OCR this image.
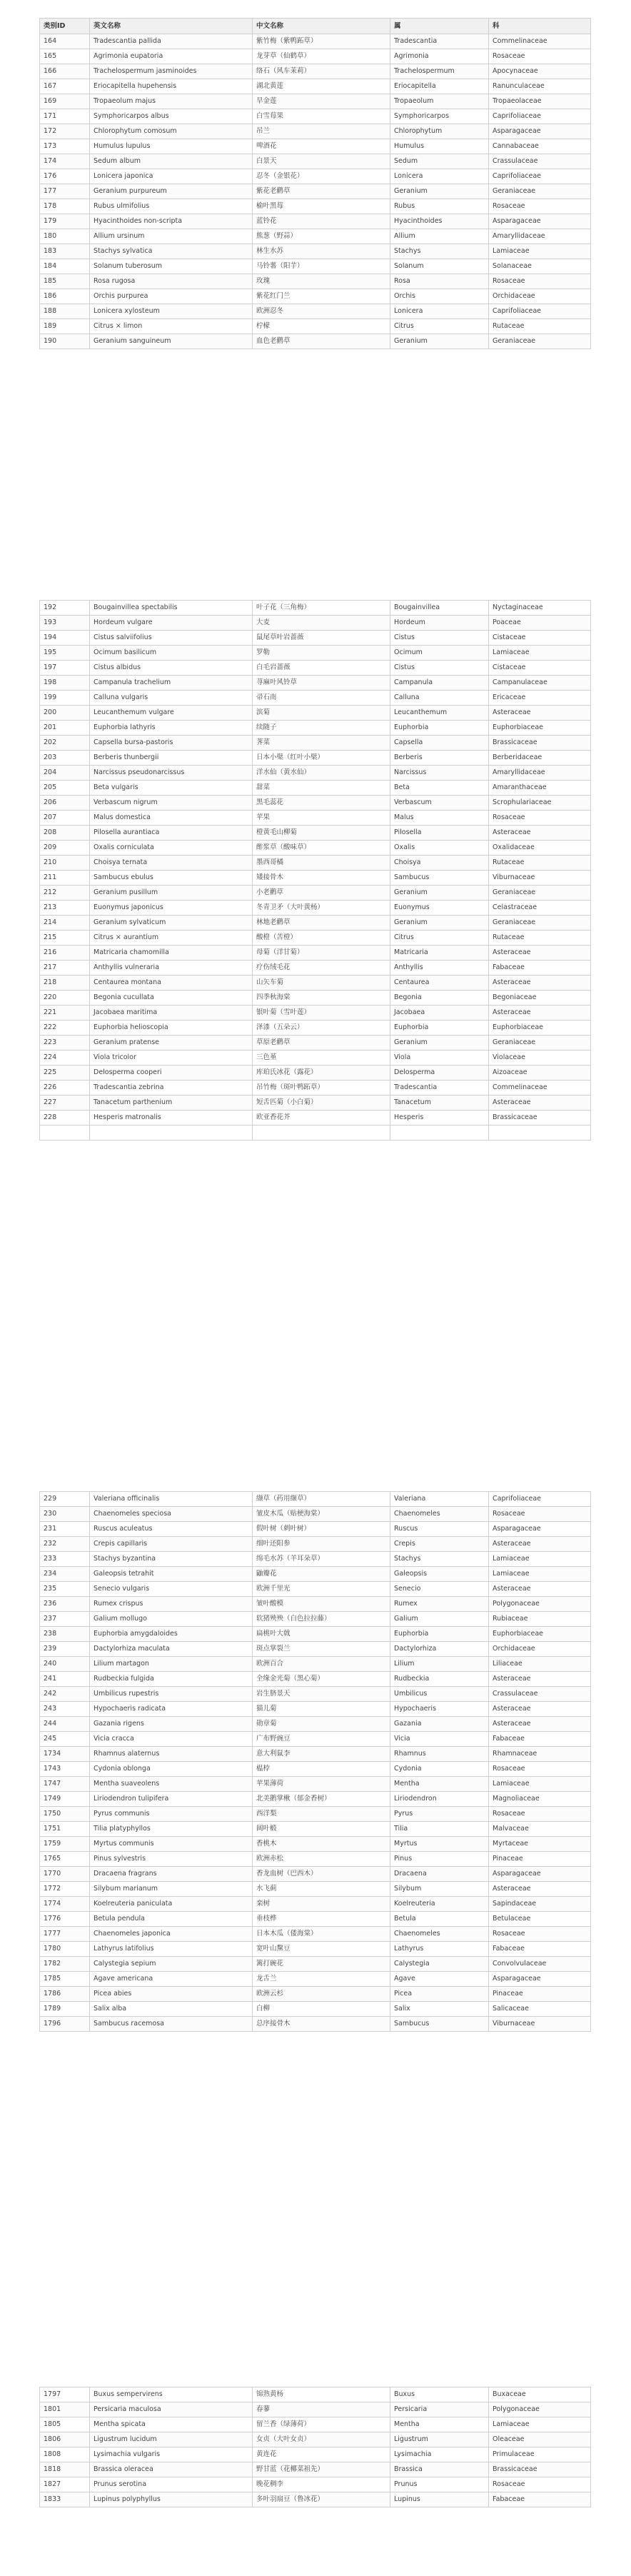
类别ID	英文名称	中文名称	属	科
164	Tradescantia pallida	紫竹梅（紫鸭跖草）	Tradescantia	Commelinaceae
165	Agrimonia eupatoria	龙芽草（仙鹤草）	Agrimonia	Rosaceae
166	Trachelospermum jasminoides	络石（风车茉莉）	Trachelospermum	Apocynaceae
167	Eriocapitella hupehensis	湖北黄莲	Eriocapitella	Ranunculaceae
169	Tropaeolum majus	旱金莲	Tropaeolum	Tropaeolaceae
171	Symphoricarpos albus	白雪莓果	Symphoricarpos	Caprifoliaceae
172	Chlorophytum comosum	吊兰	Chlorophytum	Asparagaceae
173	Humulus lupulus	啤酒花	Humulus	Cannabaceae
174	Sedum album	白景天	Sedum	Crassulaceae
176	Lonicera japonica	忍冬（金银花）	Lonicera	Caprifoliaceae
177	Geranium purpureum	紫花老鹳草	Geranium	Geraniaceae
178	Rubus ulmifolius	榆叶黑莓	Rubus	Rosaceae
179	Hyacinthoides non-scripta	蓝铃花	Hyacinthoides	Asparagaceae
180	Allium ursinum	熊葱（野蒜）	Allium	Amaryllidaceae
183	Stachys sylvatica	林生水苏	Stachys	Lamiaceae
184	Solanum tuberosum	马铃薯（阳芋）	Solanum	Solanaceae
185	Rosa rugosa	玫瑰	Rosa	Rosaceae
186	Orchis purpurea	紫花红门兰	Orchis	Orchidaceae
188	Lonicera xylosteum	欧洲忍冬	Lonicera	Caprifoliaceae
189	Citrus × limon	柠檬	Citrus	Rutaceae
190	Geranium sanguineum	血色老鹳草	Geranium	Geraniaceae
192	Bougainvillea spectabilis	叶子花（三角梅）	Bougainvillea	Nyctaginaceae
193	Hordeum vulgare	大麦	Hordeum	Poaceae
194	Cistus salviifolius	鼠尾草叶岩蔷薇	Cistus	Cistaceae
195	Ocimum basilicum	罗勒	Ocimum	Lamiaceae
197	Cistus albidus	白毛岩蔷薇	Cistus	Cistaceae
198	Campanula trachelium	荨麻叶风铃草	Campanula	Campanulaceae
199	Calluna vulgaris	帚石南	Calluna	Ericaceae
200	Leucanthemum vulgare	滨菊	Leucanthemum	Asteraceae
201	Euphorbia lathyris	续随子	Euphorbia	Euphorbiaceae
202	Capsella bursa-pastoris	荠菜	Capsella	Brassicaceae
203	Berberis thunbergii	日本小檗（红叶小檗）	Berberis	Berberidaceae
204	Narcissus pseudonarcissus	洋水仙（黄水仙）	Narcissus	Amaryllidaceae
205	Beta vulgaris	甜菜	Beta	Amaranthaceae
206	Verbascum nigrum	黑毛蕊花	Verbascum	Scrophulariaceae
207	Malus domestica	苹果	Malus	Rosaceae
208	Pilosella aurantiaca	橙黄毛山柳菊	Pilosella	Asteraceae
209	Oxalis corniculata	酢浆草（酸味草）	Oxalis	Oxalidaceae
210	Choisya ternata	墨西哥橘	Choisya	Rutaceae
211	Sambucus ebulus	矮接骨木	Sambucus	Viburnaceae
212	Geranium pusillum	小老鹳草	Geranium	Geraniaceae
213	Euonymus japonicus	冬青卫矛（大叶黄杨）	Euonymus	Celastraceae
214	Geranium sylvaticum	林地老鹳草	Geranium	Geraniaceae
215	Citrus × aurantium	酸橙（苦橙）	Citrus	Rutaceae
216	Matricaria chamomilla	母菊（洋甘菊）	Matricaria	Asteraceae
217	Anthyllis vulneraria	疗伤绒毛花	Anthyllis	Fabaceae
218	Centaurea montana	山矢车菊	Centaurea	Asteraceae
220	Begonia cucullata	四季秋海棠	Begonia	Begoniaceae
221	Jacobaea maritima	银叶菊（雪叶莲）	Jacobaea	Asteraceae
222	Euphorbia helioscopia	泽漆（五朵云）	Euphorbia	Euphorbiaceae
223	Geranium pratense	草原老鹳草	Geranium	Geraniaceae
224	Viola tricolor	三色堇	Viola	Violaceae
225	Delosperma cooperi	库珀氏冰花（露花）	Delosperma	Aizoaceae
226	Tradescantia zebrina	吊竹梅（斑叶鸭跖草）	Tradescantia	Commelinaceae
227	Tanacetum parthenium	短舌匹菊（小白菊）	Tanacetum	Asteraceae
228	Hesperis matronalis	欧亚香花芥	Hesperis	Brassicaceae

229	Valeriana officinalis	缬草（药用缬草）	Valeriana	Caprifoliaceae
230	Chaenomeles speciosa	皱皮木瓜（贴梗海棠）	Chaenomeles	Rosaceae
231	Ruscus aculeatus	假叶树（刺叶树）	Ruscus	Asparagaceae
232	Crepis capillaris	细叶还阳参	Crepis	Asteraceae
233	Stachys byzantina	绵毛水苏（羊耳朵草）	Stachys	Lamiaceae
234	Galeopsis tetrahit	鼬瓣花	Galeopsis	Lamiaceae
235	Senecio vulgaris	欧洲千里光	Senecio	Asteraceae
236	Rumex crispus	皱叶酸模	Rumex	Polygonaceae
237	Galium mollugo	软猪殃殃（白色拉拉藤）	Galium	Rubiaceae
238	Euphorbia amygdaloides	扁桃叶大戟	Euphorbia	Euphorbiaceae
239	Dactylorhiza maculata	斑点掌裂兰	Dactylorhiza	Orchidaceae
240	Lilium martagon	欧洲百合	Lilium	Liliaceae
241	Rudbeckia fulgida	全缘金光菊（黑心菊）	Rudbeckia	Asteraceae
242	Umbilicus rupestris	岩生脐景天	Umbilicus	Crassulaceae
243	Hypochaeris radicata	猫儿菊	Hypochaeris	Asteraceae
244	Gazania rigens	勋章菊	Gazania	Asteraceae
245	Vicia cracca	广布野豌豆	Vicia	Fabaceae
1734	Rhamnus alaternus	意大利鼠李	Rhamnus	Rhamnaceae
1743	Cydonia oblonga	榅桲	Cydonia	Rosaceae
1747	Mentha suaveolens	苹果薄荷	Mentha	Lamiaceae
1749	Liriodendron tulipifera	北美鹅掌楸（郁金香树）	Liriodendron	Magnoliaceae
1750	Pyrus communis	西洋梨	Pyrus	Rosaceae
1751	Tilia platyphyllos	阔叶椴	Tilia	Malvaceae
1759	Myrtus communis	香桃木	Myrtus	Myrtaceae
1765	Pinus sylvestris	欧洲赤松	Pinus	Pinaceae
1770	Dracaena fragrans	香龙血树（巴西木）	Dracaena	Asparagaceae
1772	Silybum marianum	水飞蓟	Silybum	Asteraceae
1774	Koelreuteria paniculata	栾树	Koelreuteria	Sapindaceae
1776	Betula pendula	垂枝桦	Betula	Betulaceae
1777	Chaenomeles japonica	日本木瓜（倭海棠）	Chaenomeles	Rosaceae
1780	Lathyrus latifolius	宽叶山黧豆	Lathyrus	Fabaceae
1782	Calystegia sepium	篱打碗花	Calystegia	Convolvulaceae
1785	Agave americana	龙舌兰	Agave	Asparagaceae
1786	Picea abies	欧洲云杉	Picea	Pinaceae
1789	Salix alba	白柳	Salix	Salicaceae
1796	Sambucus racemosa	总序接骨木	Sambucus	Viburnaceae
1797	Buxus sempervirens	锦熟黄杨	Buxus	Buxaceae
1801	Persicaria maculosa	春蓼	Persicaria	Polygonaceae
1805	Mentha spicata	留兰香（绿薄荷）	Mentha	Lamiaceae
1806	Ligustrum lucidum	女贞（大叶女贞）	Ligustrum	Oleaceae
1808	Lysimachia vulgaris	黄连花	Lysimachia	Primulaceae
1818	Brassica oleracea	野甘蓝（花椰菜祖先）	Brassica	Brassicaceae
1827	Prunus serotina	晚花稠李	Prunus	Rosaceae
1833	Lupinus polyphyllus	多叶羽扇豆（鲁冰花）	Lupinus	Fabaceae
